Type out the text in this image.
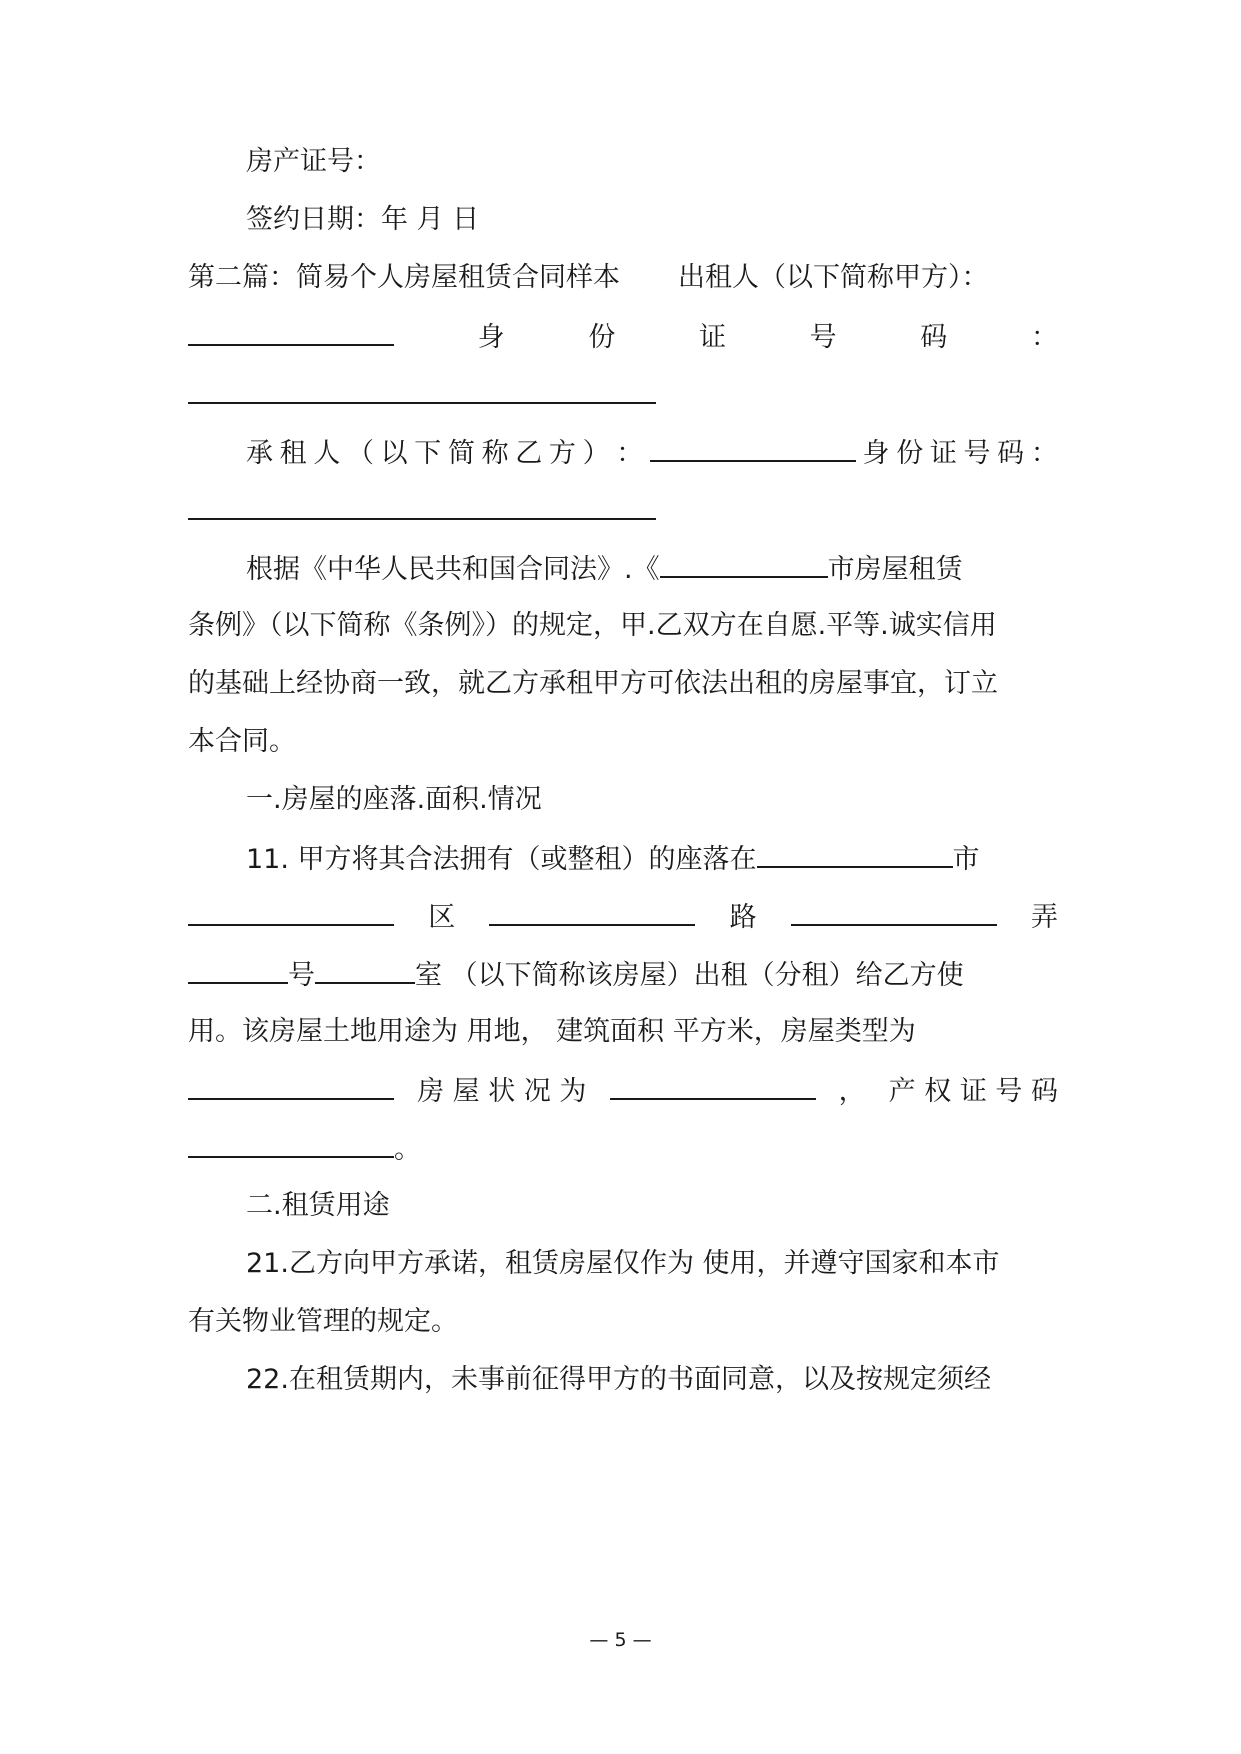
房产证号：
签约日期：年 月 日
第二篇：简易个人房屋租赁合同样本 出租人（以下简称甲方）：
身	份	证	号	码	：
承 租 人 （ 以 下 简 称 乙 方 ） ：	身 份 证 号 码 ：
根据《中华人民共和国合同法》.《	市房屋租赁
条例》（以下简称《条例》）的规定，甲.乙双方在自愿.平等.诚实信用
的基础上经协商一致，就乙方承租甲方可依法出租的房屋事宜，订立
本合同。
一.房屋的座落.面积.情况
11. 甲方将其合法拥有（或整租）的座落在	市
区	路	弄
号	室 （以下简称该房屋）出租（分租）给乙方使
用。该房屋土地用途为 用地， 建筑面积 平方米，房屋类型为
房 屋 状 况 为	， 产 权 证 号 码
。
二.租赁用途
21.乙方向甲方承诺，租赁房屋仅作为 使用，并遵守国家和本市
有关物业管理的规定。
22.在租赁期内，未事前征得甲方的书面同意，以及按规定须经
— 5 —
